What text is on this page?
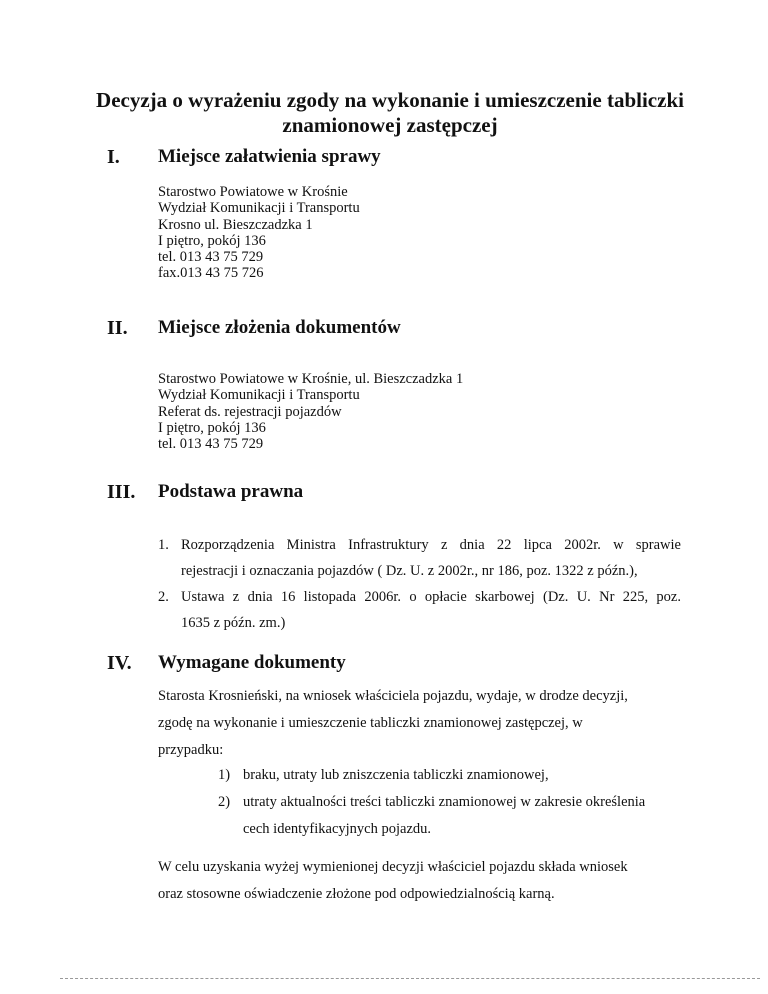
Decyzja o wyrażeniu zgody na wykonanie i umieszczenie tabliczki
znamionowej zastępczej
I. Miejsce załatwienia sprawy
Starostwo Powiatowe w Krośnie
Wydział Komunikacji i Transportu
Krosno ul. Bieszczadzka 1
I piętro, pokój 136
tel. 013 43 75 729
fax.013 43 75 726
II. Miejsce złożenia dokumentów
Starostwo Powiatowe w Krośnie, ul. Bieszczadzka 1
Wydział Komunikacji i Transportu
Referat ds. rejestracji pojazdów
I piętro, pokój 136
tel. 013 43 75 729
III. Podstawa prawna
1. Rozporządzenia Ministra Infrastruktury z dnia 22 lipca 2002r. w sprawie
rejestracji i oznaczania pojazdów ( Dz. U. z 2002r., nr 186, poz. 1322 z późn.),
2. Ustawa z dnia 16 listopada 2006r. o opłacie skarbowej (Dz. U. Nr 225, poz.
1635 z późn. zm.)
IV. Wymagane dokumenty
Starosta Krosnieński, na wniosek właściciela pojazdu, wydaje, w drodze decyzji,
zgodę na wykonanie i umieszczenie tabliczki znamionowej zastępczej, w
przypadku:
1) braku, utraty lub zniszczenia tabliczki znamionowej,
2) utraty aktualności treści tabliczki znamionowej w zakresie określenia
cech identyfikacyjnych pojazdu.
W celu uzyskania wyżej wymienionej decyzji właściciel pojazdu składa wniosek
oraz stosowne oświadczenie złożone pod odpowiedzialnością karną.
